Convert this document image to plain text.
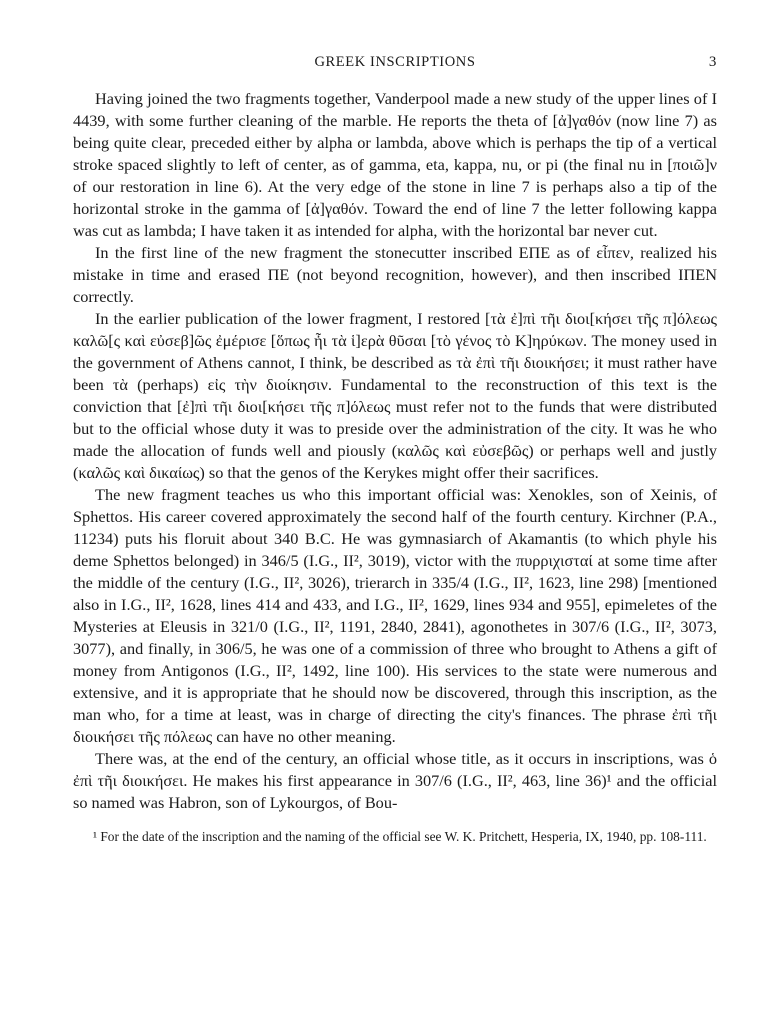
GREEK INSCRIPTIONS	3

Having joined the two fragments together, Vanderpool made a new study of the upper lines of I 4439, with some further cleaning of the marble. He reports the theta of [ἀ]γαθόν (now line 7) as being quite clear, preceded either by alpha or lambda, above which is perhaps the tip of a vertical stroke spaced slightly to left of center, as of gamma, eta, kappa, nu, or pi (the final nu in [ποιῶ]ν of our restoration in line 6). At the very edge of the stone in line 7 is perhaps also a tip of the horizontal stroke in the gamma of [ἀ]γαθόν. Toward the end of line 7 the letter following kappa was cut as lambda; I have taken it as intended for alpha, with the horizontal bar never cut.

In the first line of the new fragment the stonecutter inscribed ΕΠΕ as of εἶπεν, realized his mistake in time and erased ΠΕ (not beyond recognition, however), and then inscribed ΙΠΕΝ correctly.

In the earlier publication of the lower fragment, I restored [τὰ ἐ]πὶ τῆι διοι[κήσει τῆς π]όλεως καλῶ[ς καὶ εὐσεβ]ῶς ἐμέρισε [ὅπως ἦι τὰ ἱ]ερὰ θῦσαι [τὸ γένος τὸ Κ]ηρύκων. The money used in the government of Athens cannot, I think, be described as τὰ ἐπὶ τῆι διοικήσει; it must rather have been τὰ (perhaps) εἰς τὴν διοίκησιν. Fundamental to the reconstruction of this text is the conviction that [ἐ]πὶ τῆι διοι[κήσει τῆς π]όλεως must refer not to the funds that were distributed but to the official whose duty it was to preside over the administration of the city. It was he who made the allocation of funds well and piously (καλῶς καὶ εὐσεβῶς) or perhaps well and justly (καλῶς καὶ δικαίως) so that the genos of the Kerykes might offer their sacrifices.

The new fragment teaches us who this important official was: Xenokles, son of Xeinis, of Sphettos. His career covered approximately the second half of the fourth century. Kirchner (P.A., 11234) puts his floruit about 340 B.C. He was gymnasiarch of Akamantis (to which phyle his deme Sphettos belonged) in 346/5 (I.G., II², 3019), victor with the πυρριχισταί at some time after the middle of the century (I.G., II², 3026), trierarch in 335/4 (I.G., II², 1623, line 298) [mentioned also in I.G., II², 1628, lines 414 and 433, and I.G., II², 1629, lines 934 and 955], epimeletes of the Mysteries at Eleusis in 321/0 (I.G., II², 1191, 2840, 2841), agonothetes in 307/6 (I.G., II², 3073, 3077), and finally, in 306/5, he was one of a commission of three who brought to Athens a gift of money from Antigonos (I.G., II², 1492, line 100). His services to the state were numerous and extensive, and it is appropriate that he should now be discovered, through this inscription, as the man who, for a time at least, was in charge of directing the city's finances. The phrase ἐπὶ τῆι διοικήσει τῆς πόλεως can have no other meaning.

There was, at the end of the century, an official whose title, as it occurs in inscriptions, was ὁ ἐπὶ τῆι διοικήσει. He makes his first appearance in 307/6 (I.G., II², 463, line 36)¹ and the official so named was Habron, son of Lykourgos, of Bou-

¹ For the date of the inscription and the naming of the official see W. K. Pritchett, Hesperia, IX, 1940, pp. 108-111.
